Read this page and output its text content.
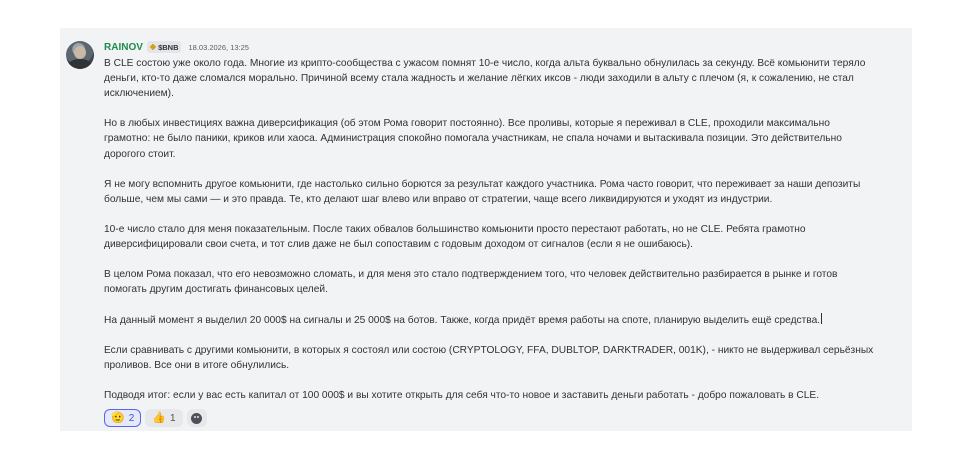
RAINOV ◆ $BNB 18.03.2026, 13:25

В CLE состою уже около года. Многие из крипто-сообщества с ужасом помнят 10-е число, когда альта буквально обнулилась за секунду. Всё комьюнити теряло

деньги, кто-то даже сломался морально. Причиной всему стала жадность и желание лёгких иксов - люди заходили в альту с плечом (я, к сожалению, не стал

исключением).

Но в любых инвестициях важна диверсификация (об этом Рома говорит постоянно). Все проливы, которые я переживал в CLE, проходили максимально

грамотно: не было паники, криков или хаоса. Администрация спокойно помогала участникам, не спала ночами и вытаскивала позиции. Это действительно

дорогого стоит.

Я не могу вспомнить другое комьюнити, где настолько сильно борются за результат каждого участника. Рома часто говорит, что переживает за наши депозиты

больше, чем мы сами — и это правда. Те, кто делают шаг влево или вправо от стратегии, чаще всего ликвидируются и уходят из индустрии.

10-е число стало для меня показательным. После таких обвалов большинство комьюнити просто перестают работать, но не CLE. Ребята грамотно

диверсифицировали свои счета, и тот слив даже не был сопоставим с годовым доходом от сигналов (если я не ошибаюсь).

В целом Рома показал, что его невозможно сломать, и для меня это стало подтверждением того, что человек действительно разбирается в рынке и готов

помогать другим достигать финансовых целей.

На данный момент я выделил 20 000$ на сигналы и 25 000$ на ботов. Также, когда придёт время работы на споте, планирую выделить ещё средства.

Если сравнивать с другими комьюнити, в которых я состоял или состою (CRYPTOLOGY, FFA, DUBLTOP, DARKTRADER, 001K), - никто не выдерживал серьёзных

проливов. Все они в итоге обнулились.

Подводя итог: если у вас есть капитал от 100 000$ и вы хотите открыть для себя что-то новое и заставить деньги работать - добро пожаловать в CLE.

🫡 2 👍 1
